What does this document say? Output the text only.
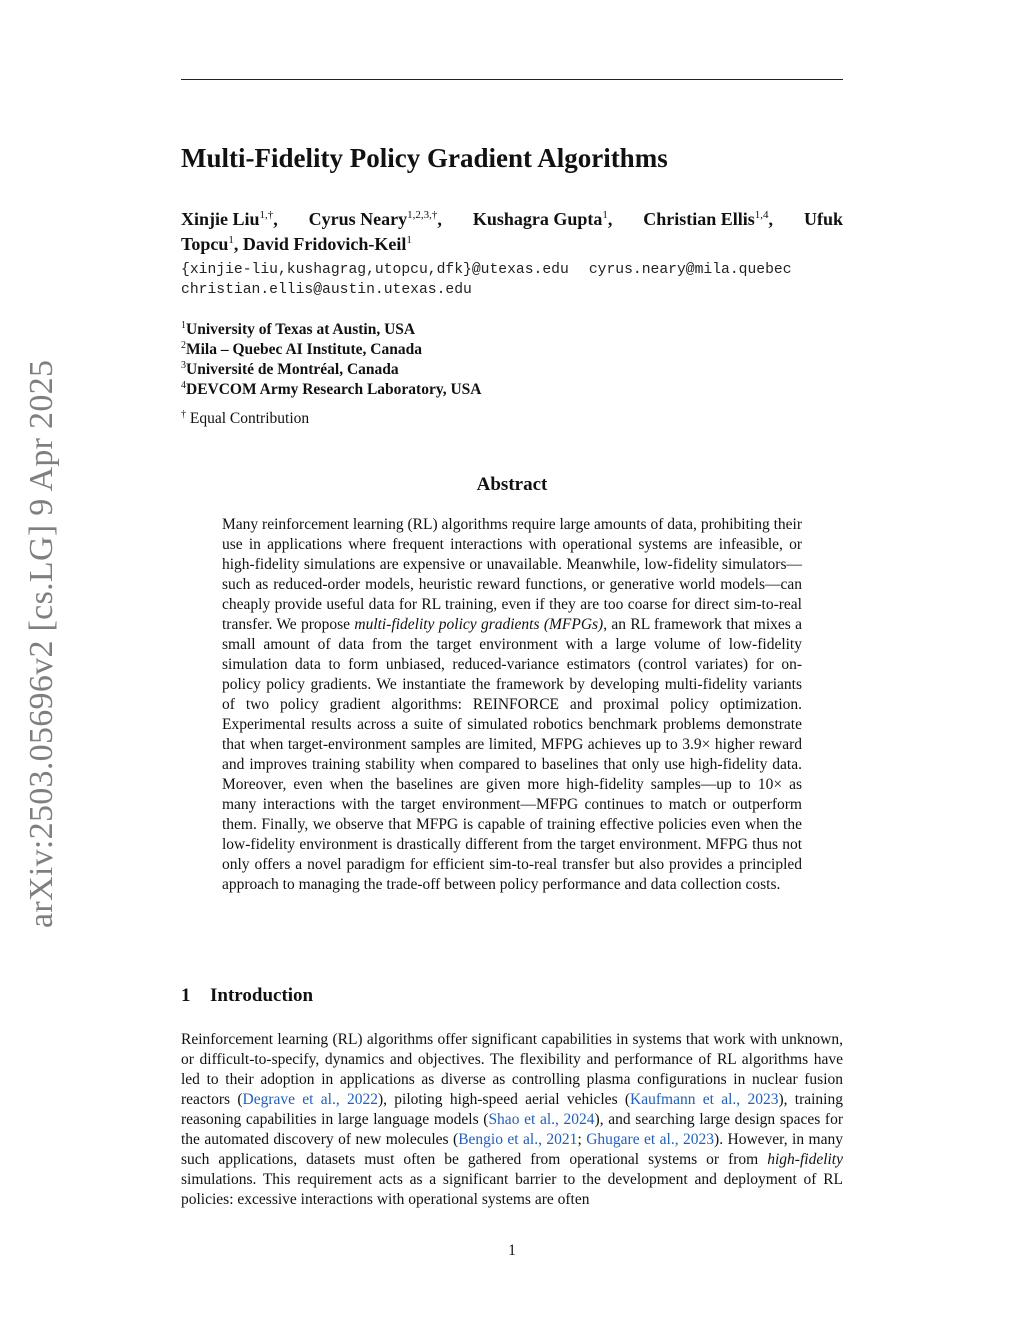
arXiv:2503.05696v2 [cs.LG] 9 Apr 2025
Multi-Fidelity Policy Gradient Algorithms
Xinjie Liu$^{1,\dagger}$, Cyrus Neary$^{1,2,3,\dagger}$, Kushagra Gupta$^1$, Christian Ellis$^{1,4}$, Ufuk
Topcu$^1$, David Fridovich-Keil$^1$
{xinjie-liu,kushagrag,utopcu,dfk}@utexas.edu cyrus.neary@mila.quebec
christian.ellis@austin.utexas.edu
$^1$University of Texas at Austin, USA
$^2$Mila – Quebec AI Institute, Canada
$^3$Université de Montréal, Canada
$^4$DEVCOM Army Research Laboratory, USA
† Equal Contribution
Abstract

Many reinforcement learning (RL) algorithms require large amounts of data, prohibiting their use in applications where frequent interactions with operational systems are infeasible, or high-fidelity simulations are expensive or unavailable. Meanwhile, low-fidelity simulators—such as reduced-order models, heuristic reward functions, or generative world models—can cheaply provide useful data for RL training, even if they are too coarse for direct sim-to-real transfer. We propose multi-fidelity policy gradients (MFPGs), an RL framework that mixes a small amount of data from the target environment with a large volume of low-fidelity simulation data to form unbiased, reduced-variance estimators (control variates) for on-policy policy gradients. We instantiate the framework by developing multi-fidelity variants of two policy gradient algorithms: REINFORCE and proximal policy optimization. Experimental results across a suite of simulated robotics benchmark problems demonstrate that when target-environment samples are limited, MFPG achieves up to 3.9× higher reward and improves training stability when compared to baselines that only use high-fidelity data. Moreover, even when the baselines are given more high-fidelity samples—up to 10× as many interactions with the target environment—MFPG continues to match or outperform them. Finally, we observe that MFPG is capable of training effective policies even when the low-fidelity environment is drastically different from the target environment. MFPG thus not only offers a novel paradigm for efficient sim-to-real transfer but also provides a principled approach to managing the trade-off between policy performance and data collection costs.

1 Introduction

Reinforcement learning (RL) algorithms offer significant capabilities in systems that work with unknown, or difficult-to-specify, dynamics and objectives. The flexibility and performance of RL algorithms have led to their adoption in applications as diverse as controlling plasma configurations in nuclear fusion reactors (Degrave et al., 2022), piloting high-speed aerial vehicles (Kaufmann et al., 2023), training reasoning capabilities in large language models (Shao et al., 2024), and searching large design spaces for the automated discovery of new molecules (Bengio et al., 2021; Ghugare et al., 2023). However, in many such applications, datasets must often be gathered from operational systems or from high-fidelity simulations. This requirement acts as a significant barrier to the development and deployment of RL policies: excessive interactions with operational systems are often

1
